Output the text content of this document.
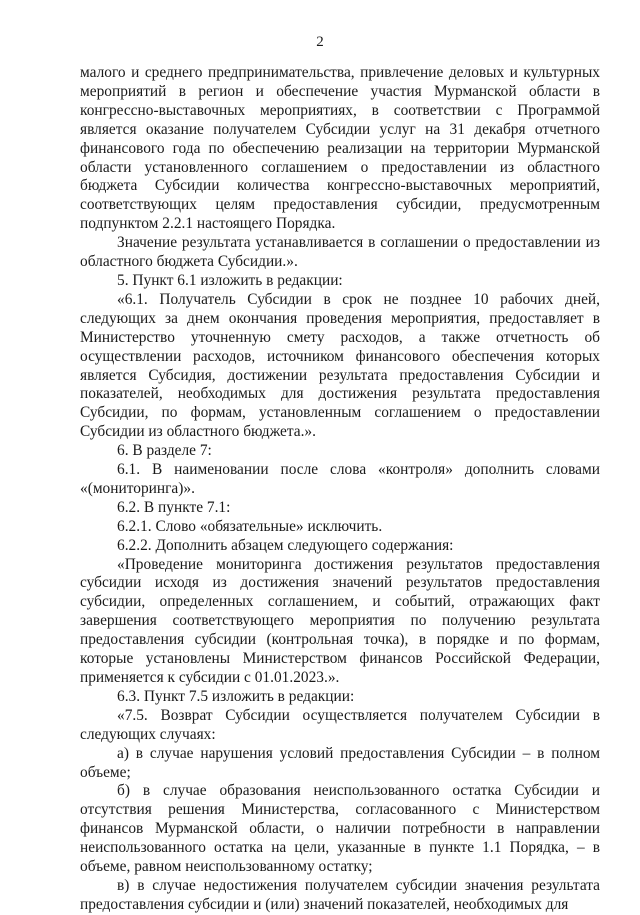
2

малого и среднего предпринимательства, привлечение деловых и культурных мероприятий в регион и обеспечение участия Мурманской области в конгрессно-выставочных мероприятиях, в соответствии с Программой является оказание получателем Субсидии услуг на 31 декабря отчетного финансового года по обеспечению реализации на территории Мурманской области установленного соглашением о предоставлении из областного бюджета Субсидии количества конгрессно-выставочных мероприятий, соответствующих целям предоставления субсидии, предусмотренным подпунктом 2.2.1 настоящего Порядка.

Значение результата устанавливается в соглашении о предоставлении из областного бюджета Субсидии.».

5. Пункт 6.1 изложить в редакции:

«6.1. Получатель Субсидии в срок не позднее 10 рабочих дней, следующих за днем окончания проведения мероприятия, предоставляет в Министерство уточненную смету расходов, а также отчетность об осуществлении расходов, источником финансового обеспечения которых является Субсидия, достижении результата предоставления Субсидии и показателей, необходимых для достижения результата предоставления Субсидии, по формам, установленным соглашением о предоставлении Субсидии из областного бюджета.».

6. В разделе 7:

6.1. В наименовании после слова «контроля» дополнить словами «(мониторинга)».

6.2. В пункте 7.1:

6.2.1. Слово «обязательные» исключить.

6.2.2. Дополнить абзацем следующего содержания:

«Проведение мониторинга достижения результатов предоставления субсидии исходя из достижения значений результатов предоставления субсидии, определенных соглашением, и событий, отражающих факт завершения соответствующего мероприятия по получению результата предоставления субсидии (контрольная точка), в порядке и по формам, которые установлены Министерством финансов Российской Федерации, применяется к субсидии с 01.01.2023.».

6.3. Пункт 7.5 изложить в редакции:

«7.5. Возврат Субсидии осуществляется получателем Субсидии в следующих случаях:

а) в случае нарушения условий предоставления Субсидии – в полном объеме;

б) в случае образования неиспользованного остатка Субсидии и отсутствия решения Министерства, согласованного с Министерством финансов Мурманской области, о наличии потребности в направлении неиспользованного остатка на цели, указанные в пункте 1.1 Порядка, – в объеме, равном неиспользованному остатку;

в) в случае недостижения получателем субсидии значения результата предоставления субсидии и (или) значений показателей, необходимых для
